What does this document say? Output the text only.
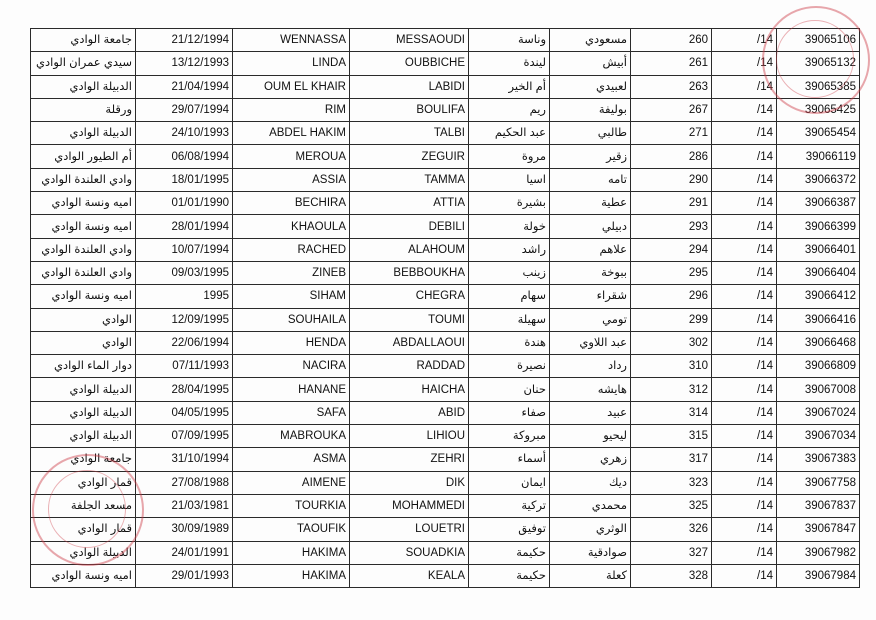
جامعة الوادي	21/12/1994	WENNASSA	MESSAOUDI	وناسة	مسعودي	260	/14	39065106
سيدي عمران الوادي	13/12/1993	LINDA	OUBBICHE	ليندة	أبيش	261	/14	39065132
الدبيلة الوادي	21/04/1994	OUM EL KHAIR	LABIDI	أم الخير	لعبيدي	263	/14	39065385
ورقلة	29/07/1994	RIM	BOULIFA	ريم	بوليفة	267	/14	39065425
الدبيلة الوادي	24/10/1993	ABDEL HAKIM	TALBI	عبد الحكيم	طالبي	271	/14	39065454
أم الطيور الوادي	06/08/1994	MEROUA	ZEGUIR	مروة	زقير	286	/14	39066119
وادي العلندة الوادي	18/01/1995	ASSIA	TAMMA	اسيا	تامه	290	/14	39066372
اميه ونسة الوادي	01/01/1990	BECHIRA	ATTIA	بشيرة	عطية	291	/14	39066387
اميه ونسة الوادي	28/01/1994	KHAOULA	DEBILI	خولة	دبيلي	293	/14	39066399
وادي العلندة الوادي	10/07/1994	RACHED	ALAHOUM	راشد	علاهم	294	/14	39066401
وادي العلندة الوادي	09/03/1995	ZINEB	BEBBOUKHA	زينب	ببوخة	295	/14	39066404
اميه ونسة الوادي	1995	SIHAM	CHEGRA	سهام	شقراء	296	/14	39066412
الوادي	12/09/1995	SOUHAILA	TOUMI	سهيلة	تومي	299	/14	39066416
الوادي	22/06/1994	HENDA	ABDALLAOUI	هندة	عبد اللاوي	302	/14	39066468
دوار الماء الوادي	07/11/1993	NACIRA	RADDAD	نصيرة	رداد	310	/14	39066809
الدبيلة الوادي	28/04/1995	HANANE	HAICHA	حنان	هايشه	312	/14	39067008
الدبيلة الوادي	04/05/1995	SAFA	ABID	صفاء	عبيد	314	/14	39067024
الدبيلة الوادي	07/09/1995	MABROUKA	LIHIOU	مبروكة	ليحيو	315	/14	39067034
جامعة الوادي	31/10/1994	ASMA	ZEHRI	أسماء	زهري	317	/14	39067383
قمار الوادي	27/08/1988	AIMENE	DIK	ايمان	ديك	323	/14	39067758
مسعد الجلفة	21/03/1981	TOURKIA	MOHAMMEDI	تركية	محمدي	325	/14	39067837
قمار الوادي	30/09/1989	TAOUFIK	LOUETRI	توفيق	الوثري	326	/14	39067847
الدبيلة الوادي	24/01/1991	HAKIMA	SOUADKIA	حكيمة	صوادقية	327	/14	39067982
اميه ونسة الوادي	29/01/1993	HAKIMA	KEALA	حكيمة	كعلة	328	/14	39067984
